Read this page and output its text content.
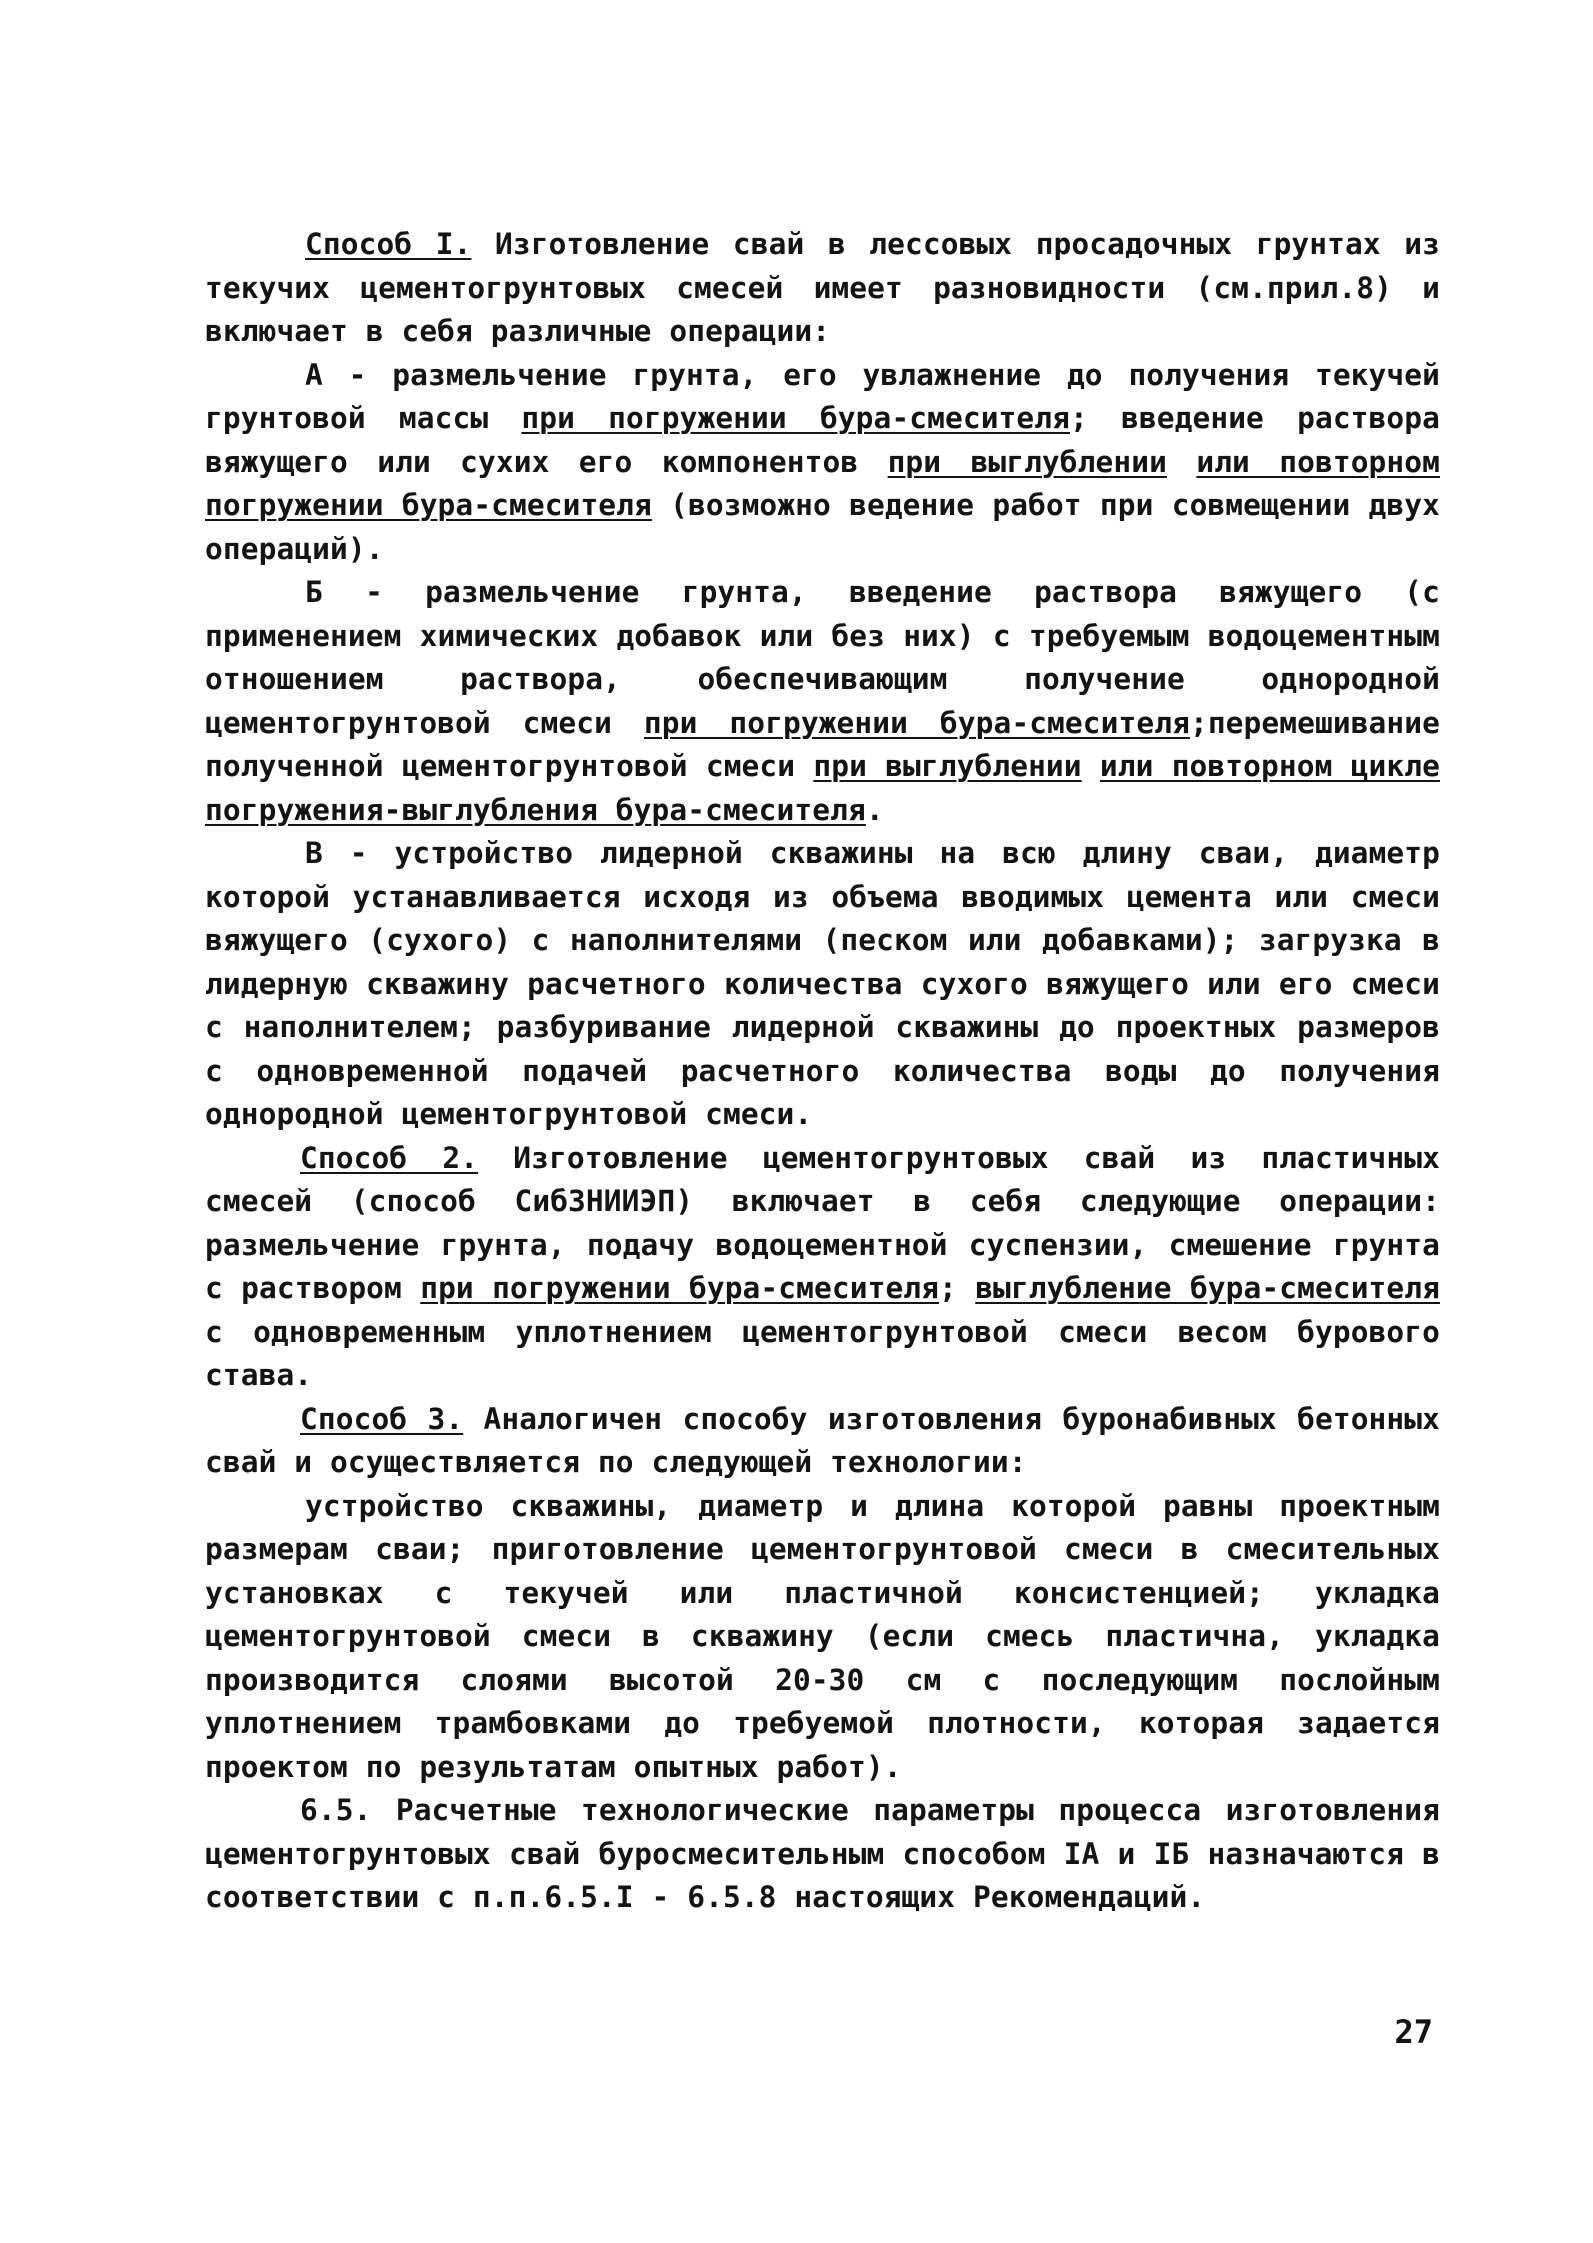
Способ I. Изготовление свай в лессовых просадочных грунтах из текучих цементогрунтовых смесей имеет разновидности (см.прил.8) и включает в себя различные операции:

А - размельчение грунта, его увлажнение до получения текучей грунтовой массы при погружении бура-смесителя; введение раствора вяжущего или сухих его компонентов при выглублении или повторном погружении бура-смесителя (возможно ведение работ при совмещении двух операций).

Б - размельчение грунта, введение раствора вяжущего (с применением химических добавок или без них) с требуемым водоцементным отношением раствора, обеспечивающим получение однородной цементогрунтовой смеси при погружении бура-смесителя;перемешивание полученной цементогрунтовой смеси при выглублении или повторном цикле погружения-выглубления бура-смесителя.

В - устройство лидерной скважины на всю длину сваи, диаметр которой устанавливается исходя из объема вводимых цемента или смеси вяжущего (сухого) с наполнителями (песком или добавками); загрузка в лидерную скважину расчетного количества сухого вяжущего или его смеси с наполнителем; разбуривание лидерной скважины до проектных размеров с одновременной подачей расчетного количества воды до получения однородной цементогрунтовой смеси.

Способ 2. Изготовление цементогрунтовых свай из пластичных смесей (способ СибЗНИИЭП) включает в себя следующие операции: размельчение грунта, подачу водоцементной суспензии, смешение грунта с раствором при погружении бура-смесителя; выглубление бура-смесителя с одновременным уплотнением цементогрунтовой смеси весом бурового става.

Способ 3. Аналогичен способу изготовления буронабивных бетонных свай и осуществляется по следующей технологии:

устройство скважины, диаметр и длина которой равны проектным размерам сваи; приготовление цементогрунтовой смеси в смесительных установках с текучей или пластичной консистенцией; укладка цементогрунтовой смеси в скважину (если смесь пластична, укладка производится слоями высотой 20-30 см с последующим послойным уплотнением трамбовками до требуемой плотности, которая задается проектом по результатам опытных работ).

6.5. Расчетные технологические параметры процесса изготовления цементогрунтовых свай буросмесительным способом IА и IБ назначаются в соответствии с п.п.6.5.I - 6.5.8 настоящих Рекомендаций.

27
